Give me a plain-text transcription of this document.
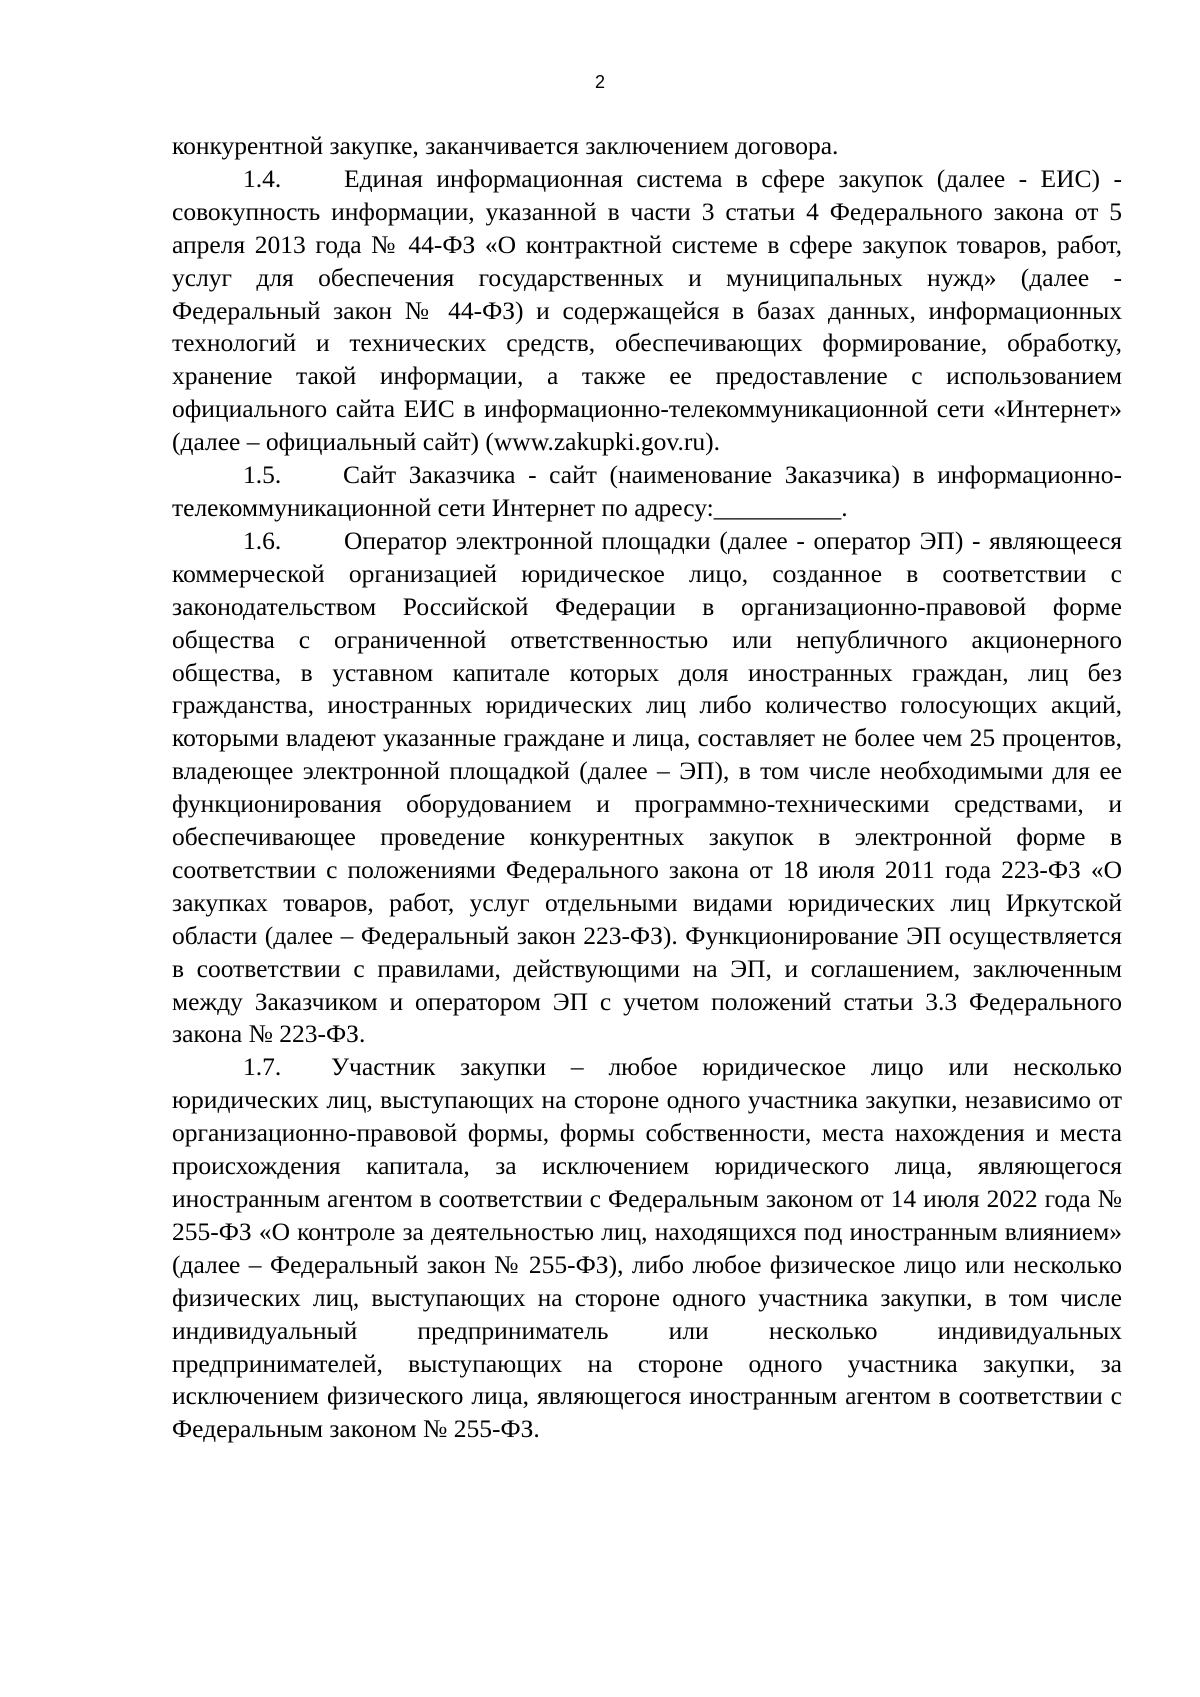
2

конкурентной закупке, заканчивается заключением договора.

1.4. Единая информационная система в сфере закупок (далее - ЕИС) - совокупность информации, указанной в части 3 статьи 4 Федерального закона от 5 апреля 2013 года № 44-ФЗ «О контрактной системе в сфере закупок товаров, работ, услуг для обеспечения государственных и муниципальных нужд» (далее - Федеральный закон № 44-ФЗ) и содержащейся в базах данных, информационных технологий и технических средств, обеспечивающих формирование, обработку, хранение такой информации, а также ее предоставление с использованием официального сайта ЕИС в информационно-телекоммуникационной сети «Интернет» (далее – официальный сайт) (www.zakupki.gov.ru).

1.5. Сайт Заказчика - сайт (наименование Заказчика) в информационно-телекоммуникационной сети Интернет по адресу:__________.

1.6. Оператор электронной площадки (далее - оператор ЭП) - являющееся коммерческой организацией юридическое лицо, созданное в соответствии с законодательством Российской Федерации в организационно-правовой форме общества с ограниченной ответственностью или непубличного акционерного общества, в уставном капитале которых доля иностранных граждан, лиц без гражданства, иностранных юридических лиц либо количество голосующих акций, которыми владеют указанные граждане и лица, составляет не более чем 25 процентов, владеющее электронной площадкой (далее – ЭП), в том числе необходимыми для ее функционирования оборудованием и программно-техническими средствами, и обеспечивающее проведение конкурентных закупок в электронной форме в соответствии с положениями Федерального закона от 18 июля 2011 года 223-ФЗ «О закупках товаров, работ, услуг отдельными видами юридических лиц Иркутской области (далее – Федеральный закон 223-ФЗ). Функционирование ЭП осуществляется в соответствии с правилами, действующими на ЭП, и соглашением, заключенным между Заказчиком и оператором ЭП с учетом положений статьи 3.3 Федерального закона № 223-ФЗ.

1.7. Участник закупки – любое юридическое лицо или несколько юридических лиц, выступающих на стороне одного участника закупки, независимо от организационно-правовой формы, формы собственности, места нахождения и места происхождения капитала, за исключением юридического лица, являющегося иностранным агентом в соответствии с Федеральным законом от 14 июля 2022 года № 255-ФЗ «О контроле за деятельностью лиц, находящихся под иностранным влиянием» (далее – Федеральный закон № 255-ФЗ), либо любое физическое лицо или несколько физических лиц, выступающих на стороне одного участника закупки, в том числе индивидуальный предприниматель или несколько индивидуальных предпринимателей, выступающих на стороне одного участника закупки, за исключением физического лица, являющегося иностранным агентом в соответствии с Федеральным законом № 255-ФЗ.
